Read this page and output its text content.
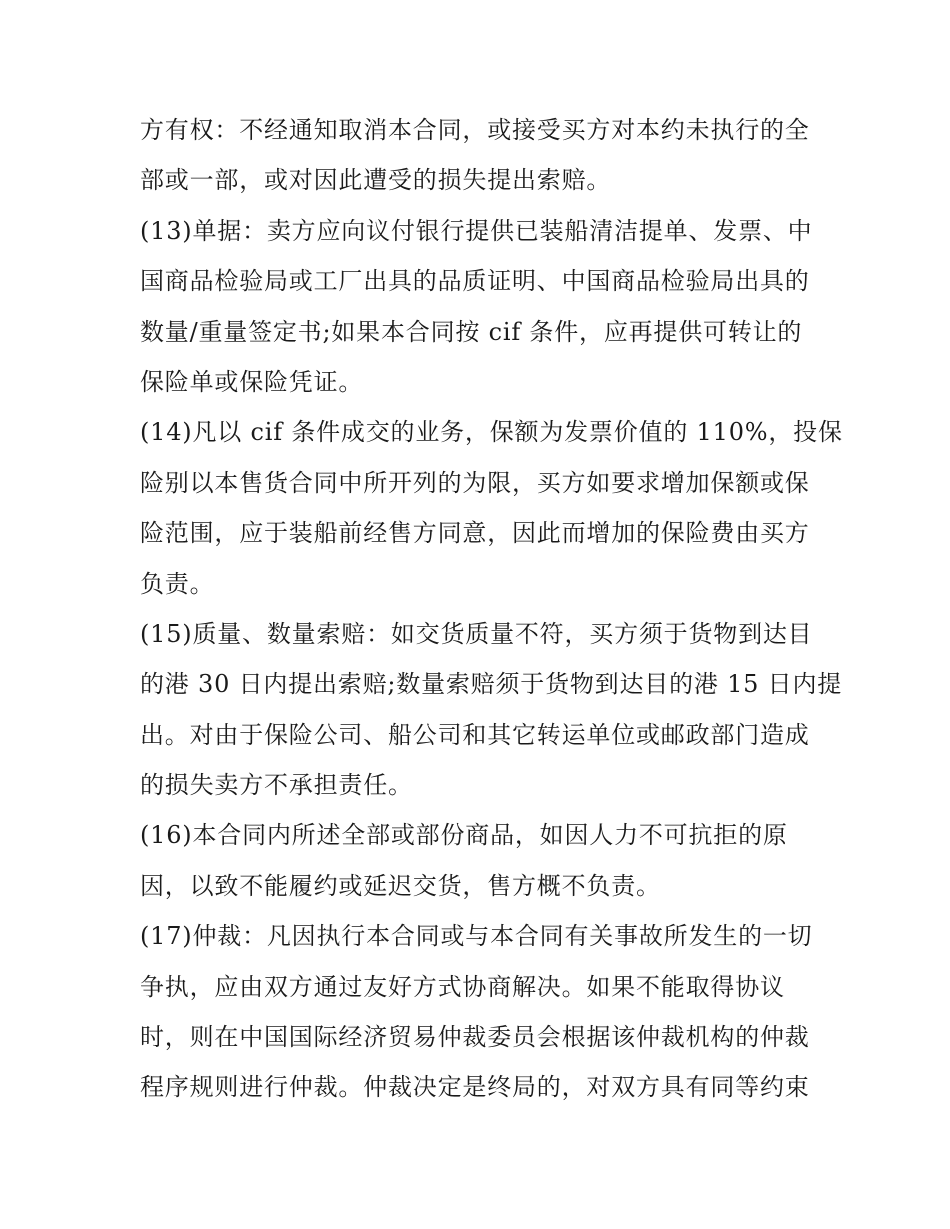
方有权：不经通知取消本合同，或接受买方对本约未执行的全
部或一部，或对因此遭受的损失提出索赔。
(13)单据：卖方应向议付银行提供已装船清洁提单、发票、中
国商品检验局或工厂出具的品质证明、中国商品检验局出具的
数量/重量签定书;如果本合同按 cif 条件，应再提供可转让的
保险单或保险凭证。
(14)凡以 cif 条件成交的业务，保额为发票价值的 110%，投保
险别以本售货合同中所开列的为限，买方如要求增加保额或保
险范围，应于装船前经售方同意，因此而增加的保险费由买方
负责。
(15)质量、数量索赔：如交货质量不符，买方须于货物到达目
的港 30 日内提出索赔;数量索赔须于货物到达目的港 15 日内提
出。对由于保险公司、船公司和其它转运单位或邮政部门造成
的损失卖方不承担责任。
(16)本合同内所述全部或部份商品，如因人力不可抗拒的原
因，以致不能履约或延迟交货，售方概不负责。
(17)仲裁：凡因执行本合同或与本合同有关事故所发生的一切
争执，应由双方通过友好方式协商解决。如果不能取得协议
时，则在中国国际经济贸易仲裁委员会根据该仲裁机构的仲裁
程序规则进行仲裁。仲裁决定是终局的，对双方具有同等约束
